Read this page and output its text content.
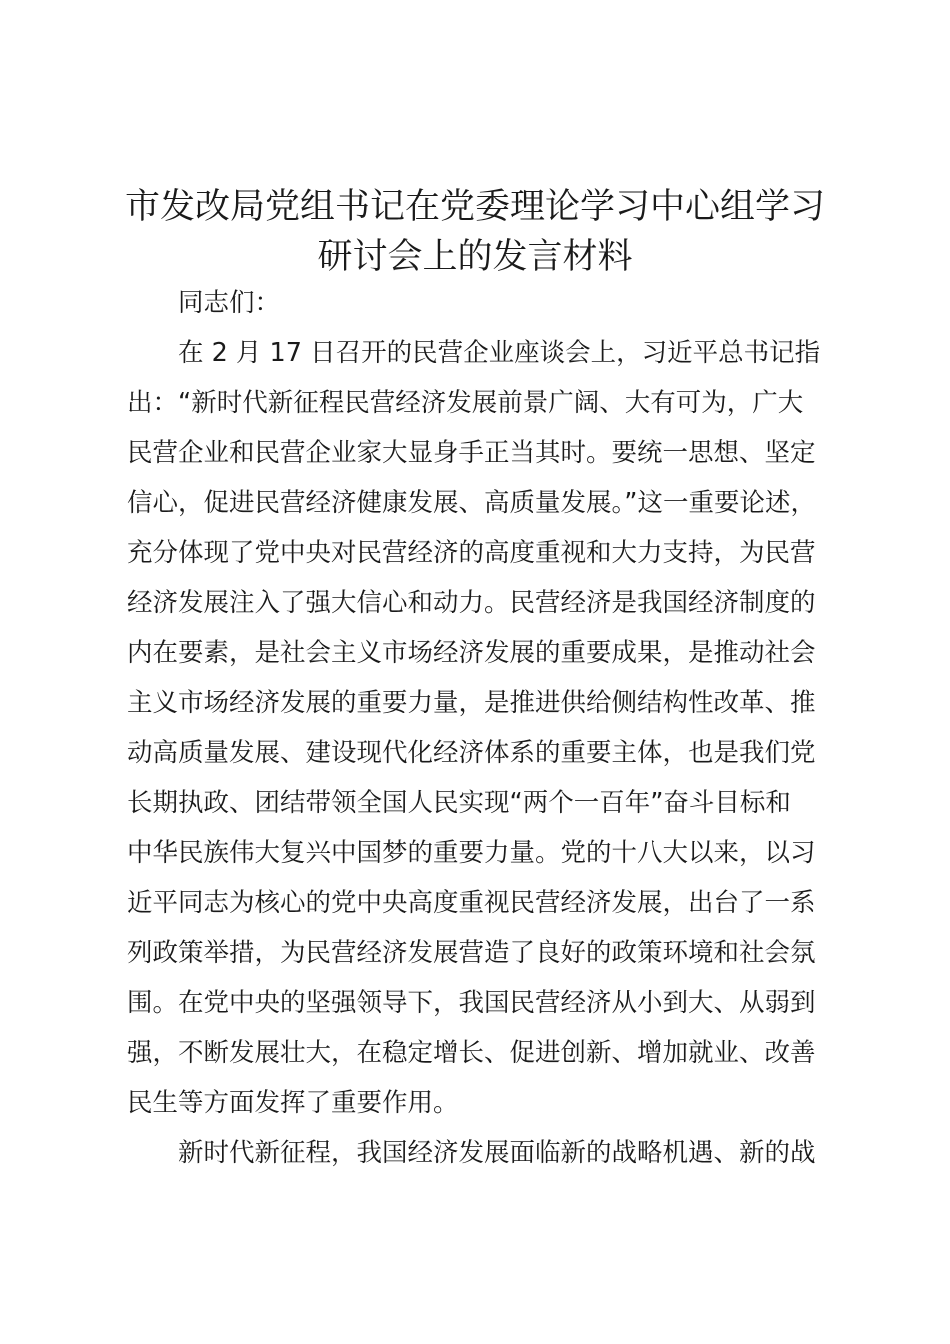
市发改局党组书记在党委理论学习中心组学习
研讨会上的发言材料

同志们：

在 2 月 17 日召开的民营企业座谈会上，习近平总书记指

出：“新时代新征程民营经济发展前景广阔、大有可为，广大

民营企业和民营企业家大显身手正当其时。要统一思想、坚定

信心，促进民营经济健康发展、高质量发展。”这一重要论述，

充分体现了党中央对民营经济的高度重视和大力支持，为民营

经济发展注入了强大信心和动力。民营经济是我国经济制度的

内在要素，是社会主义市场经济发展的重要成果，是推动社会

主义市场经济发展的重要力量，是推进供给侧结构性改革、推

动高质量发展、建设现代化经济体系的重要主体，也是我们党

长期执政、团结带领全国人民实现“两个一百年”奋斗目标和

中华民族伟大复兴中国梦的重要力量。党的十八大以来，以习

近平同志为核心的党中央高度重视民营经济发展，出台了一系

列政策举措，为民营经济发展营造了良好的政策环境和社会氛

围。在党中央的坚强领导下，我国民营经济从小到大、从弱到

强，不断发展壮大，在稳定增长、促进创新、增加就业、改善

民生等方面发挥了重要作用。

新时代新征程，我国经济发展面临新的战略机遇、新的战
